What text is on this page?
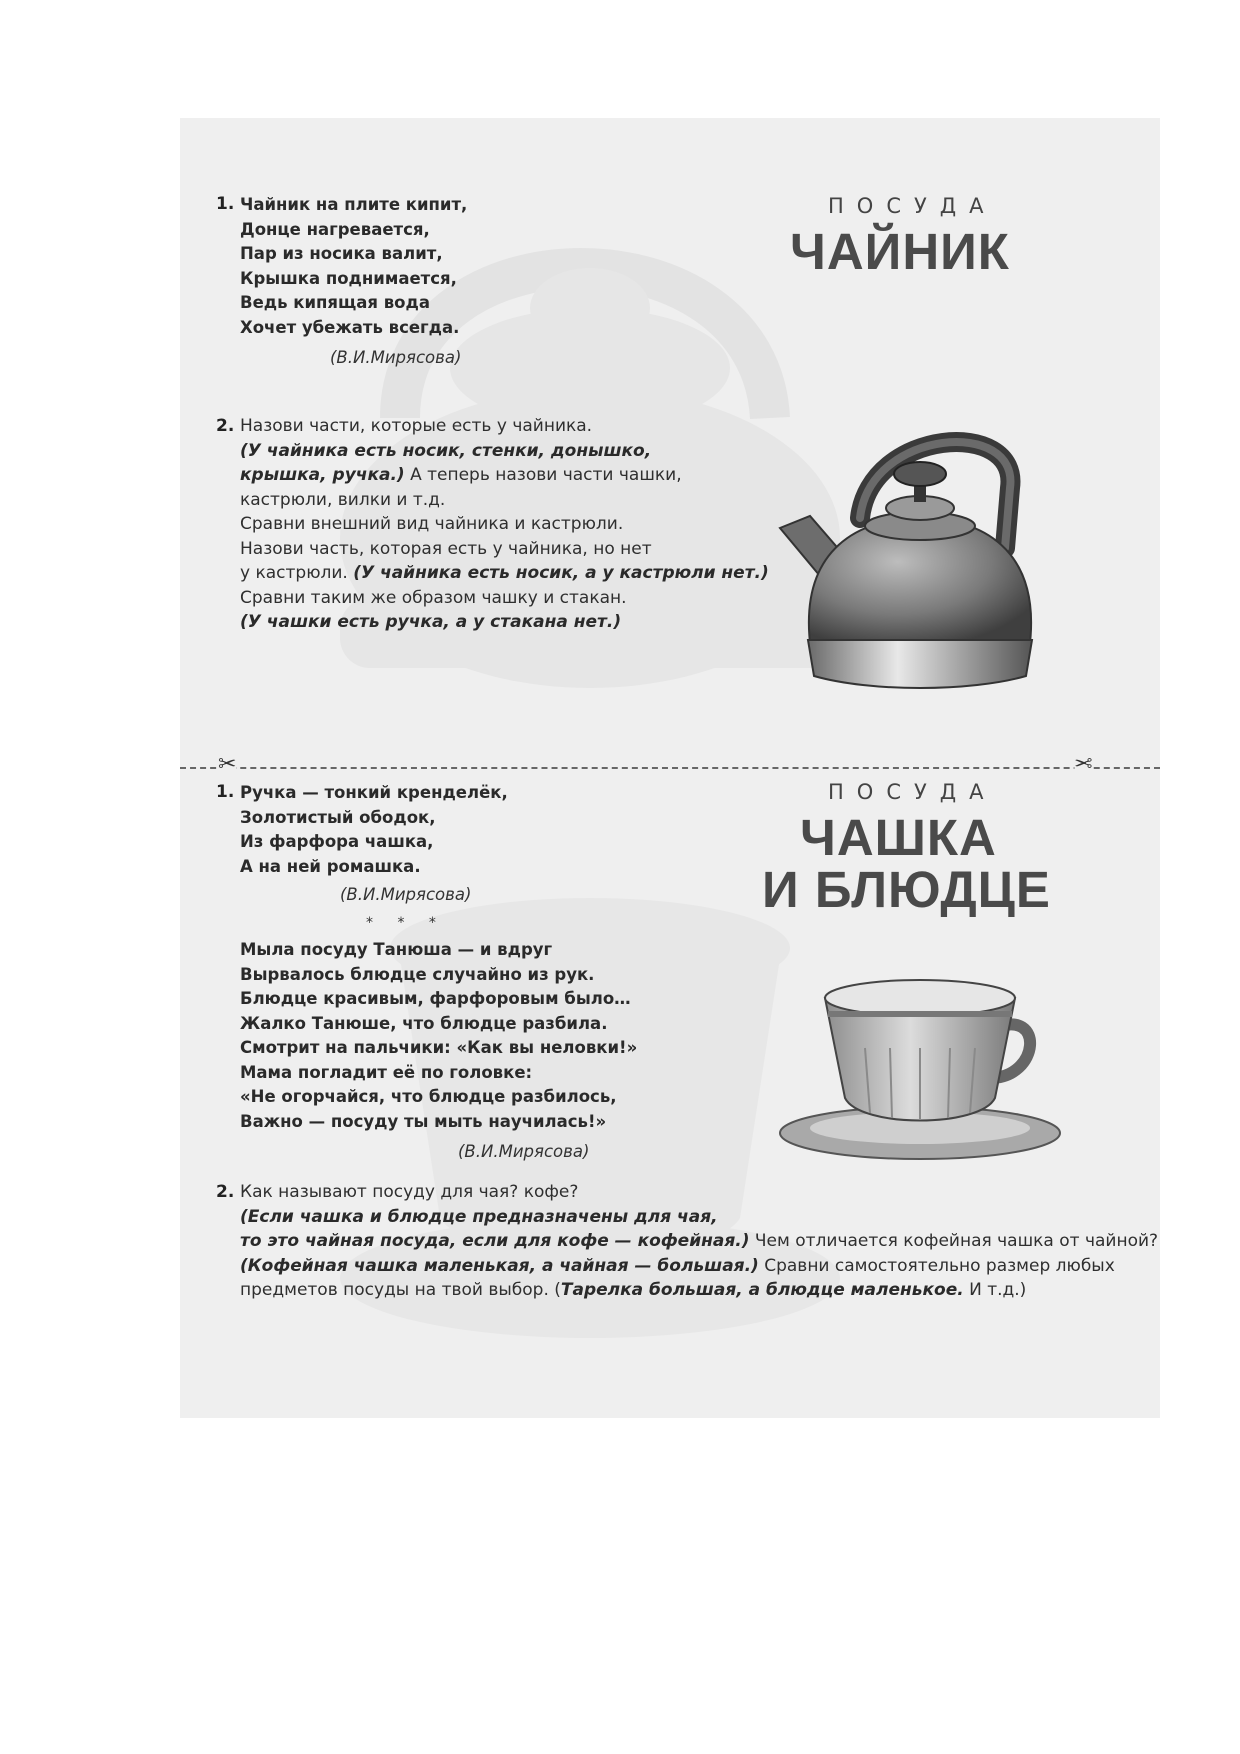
1. Чайник на плите кипит,
Донце нагревается,
Пар из носика валит,
Крышка поднимается,
Ведь кипящая вода
Хочет убежать всегда.
(В.И.Мирясова)
2. Назови части, которые есть у чайника.
(У чайника есть носик, стенки, донышко,
крышка, ручка.) А теперь назови части чашки,
кастрюли, вилки и т.д.
Сравни внешний вид чайника и кастрюли.
Назови часть, которая есть у чайника, но нет
у кастрюли. (У чайника есть носик, а у кастрюли нет.)
Сравни таким же образом чашку и стакан.
(У чашки есть ручка, а у стакана нет.)
ПОСУДА
ЧАЙНИК
✂	✂
1. Ручка — тонкий кренделёк,
Золотистый ободок,
Из фарфора чашка,
А на ней ромашка.
(В.И.Мирясова)
* * *
Мыла посуду Танюша — и вдруг
Вырвалось блюдце случайно из рук.
Блюдце красивым, фарфоровым было…
Жалко Танюше, что блюдце разбила.
Смотрит на пальчики: «Как вы неловки!»
Мама погладит её по головке:
«Не огорчайся, что блюдце разбилось,
Важно — посуду ты мыть научилась!»
(В.И.Мирясова)
2. Как называют посуду для чая? кофе?
(Если чашка и блюдце предназначены для чая,
то это чайная посуда, если для кофе — кофейная.) Чем отличается кофейная чашка от чайной?
(Кофейная чашка маленькая, а чайная — большая.) Сравни самостоятельно размер любых
предметов посуды на твой выбор. (Тарелка большая, а блюдце маленькое. И т.д.)
ПОСУДА
ЧАШКА
И БЛЮДЦЕ
